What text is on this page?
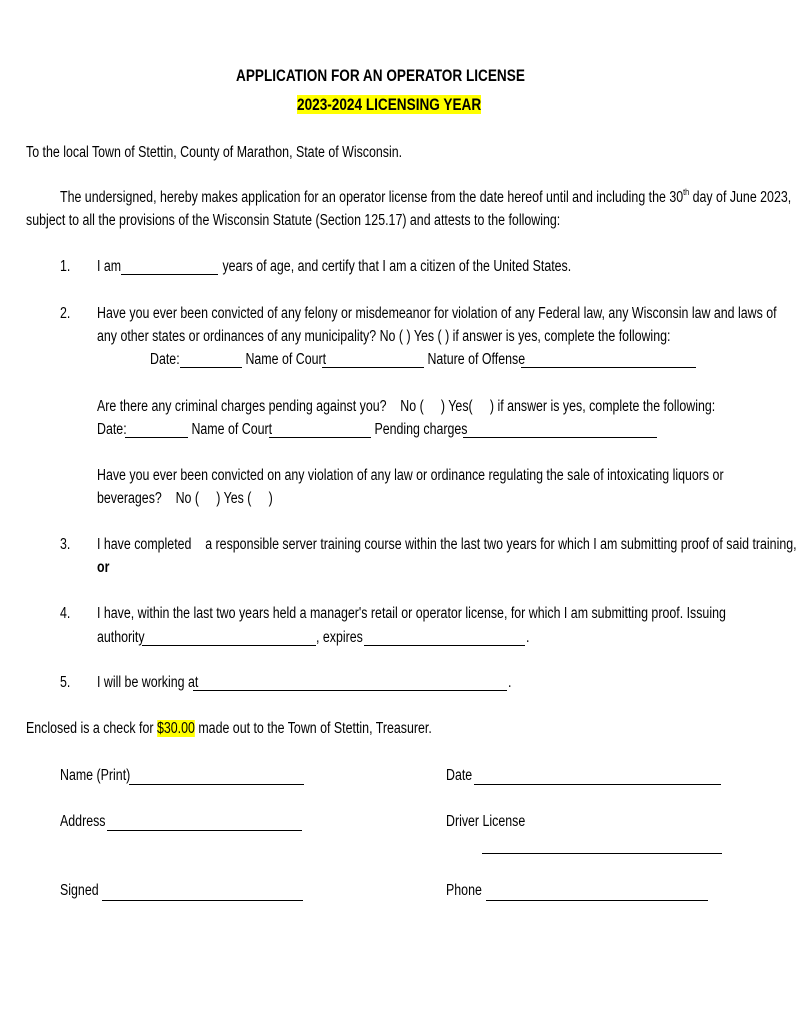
APPLICATION FOR AN OPERATOR LICENSE
2023-2024 LICENSING YEAR
To the local Town of Stettin, County of Marathon, State of Wisconsin.
The undersigned, hereby makes application for an operator license from the date hereof until and including the 30th day of June 2023,
subject to all the provisions of the Wisconsin Statute (Section 125.17) and attests to the following:
1. I am	years of age, and certify that I am a citizen of the United States.
2. Have you ever been convicted of any felony or misdemeanor for violation of any Federal law, any Wisconsin law and laws of
any other states or ordinances of any municipality? No ( ) Yes ( ) if answer is yes, complete the following:
Date:	Name of Court	Nature of Offense
Are there any criminal charges pending against you?    No (     ) Yes(     ) if answer is yes, complete the following:
Date:	Name of Court	Pending charges
Have you ever been convicted on any violation of any law or ordinance regulating the sale of intoxicating liquors or
beverages?    No (     ) Yes (     )
3. I have completed    a responsible server training course within the last two years for which I am submitting proof of said training,
or
4. I have, within the last two years held a manager's retail or operator license, for which I am submitting proof. Issuing
authority	, expires	.
5. I will be working at	.
Enclosed is a check for $30.00 made out to the Town of Stettin, Treasurer.
Name (Print)	Date
Address	Driver License
Signed	Phone
